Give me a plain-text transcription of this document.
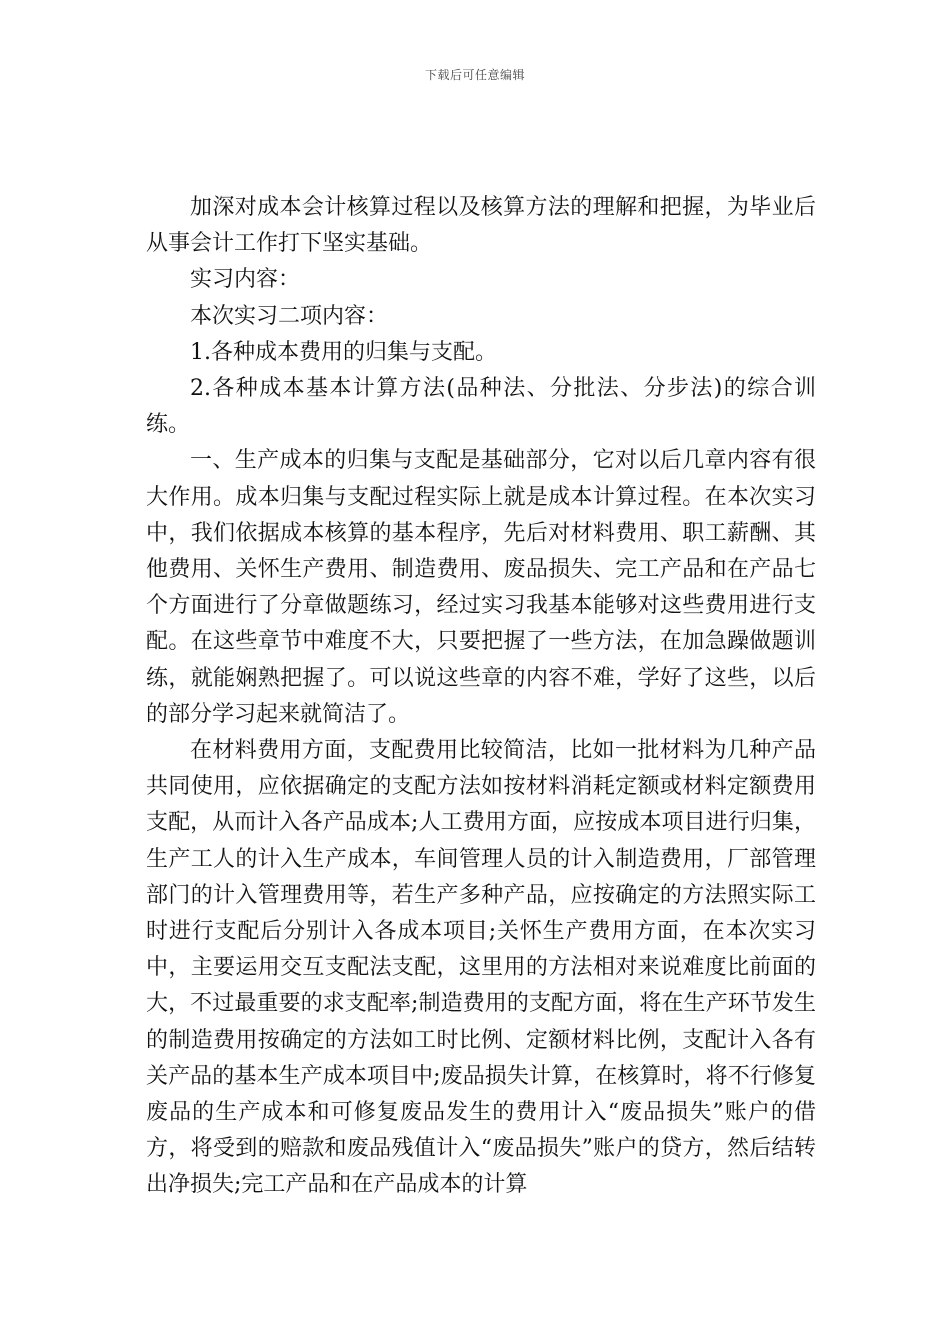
下载后可任意编辑

加深对成本会计核算过程以及核算方法的理解和把握，为毕业后从事会计工作打下坚实基础。

实习内容：

本次实习二项内容：

1.各种成本费用的归集与支配。

2.各种成本基本计算方法(品种法、分批法、分步法)的综合训练。

一、生产成本的归集与支配是基础部分，它对以后几章内容有很大作用。成本归集与支配过程实际上就是成本计算过程。在本次实习中，我们依据成本核算的基本程序，先后对材料费用、职工薪酬、其他费用、关怀生产费用、制造费用、废品损失、完工产品和在产品七个方面进行了分章做题练习，经过实习我基本能够对这些费用进行支配。在这些章节中难度不大，只要把握了一些方法，在加急躁做题训练，就能娴熟把握了。可以说这些章的内容不难，学好了这些，以后的部分学习起来就简洁了。

在材料费用方面，支配费用比较简洁，比如一批材料为几种产品共同使用，应依据确定的支配方法如按材料消耗定额或材料定额费用支配，从而计入各产品成本;人工费用方面，应按成本项目进行归集，生产工人的计入生产成本，车间管理人员的计入制造费用，厂部管理部门的计入管理费用等，若生产多种产品，应按确定的方法照实际工时进行支配后分别计入各成本项目;关怀生产费用方面，在本次实习中，主要运用交互支配法支配，这里用的方法相对来说难度比前面的大，不过最重要的求支配率;制造费用的支配方面，将在生产环节发生的制造费用按确定的方法如工时比例、定额材料比例，支配计入各有关产品的基本生产成本项目中;废品损失计算，在核算时，将不行修复废品的生产成本和可修复废品发生的费用计入“废品损失”账户的借方，将受到的赔款和废品残值计入“废品损失”账户的贷方，然后结转出净损失;完工产品和在产品成本的计算
